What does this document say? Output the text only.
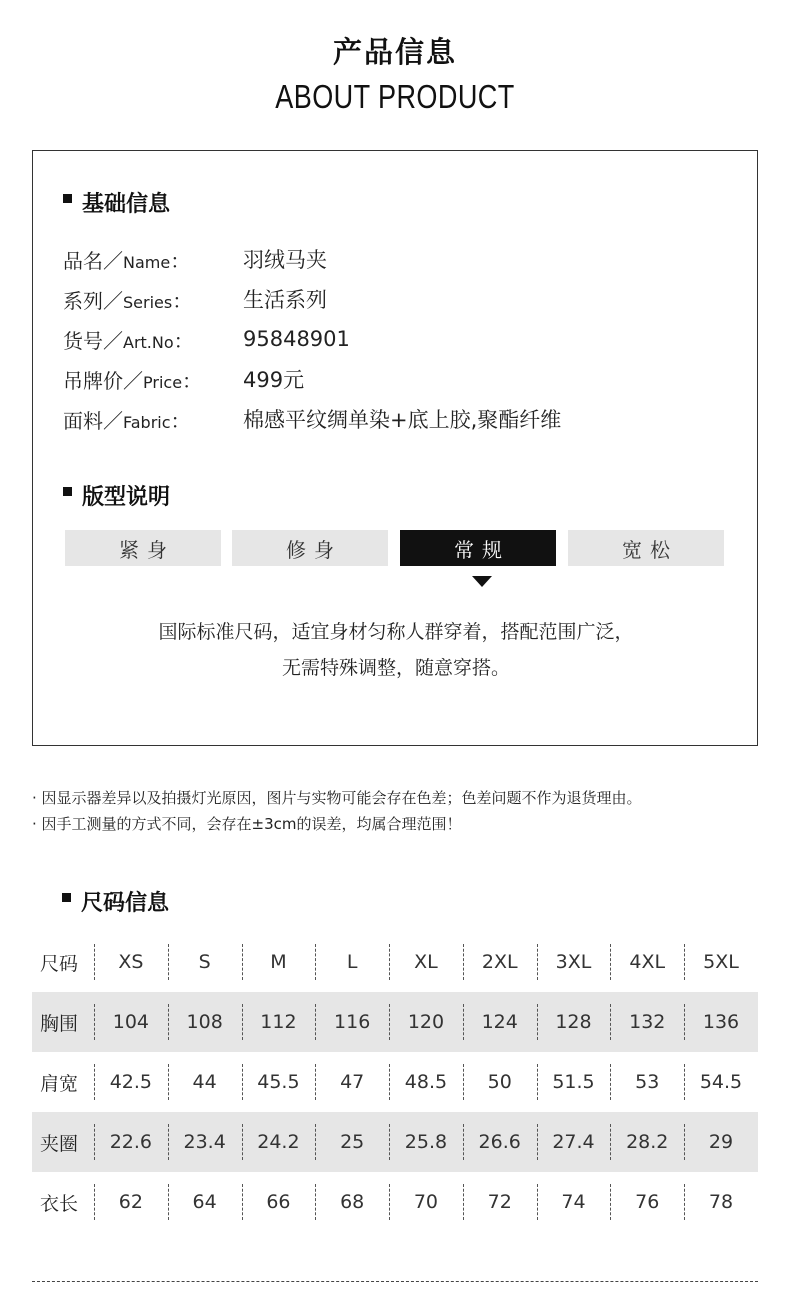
产品信息
ABOUT PRODUCT
基础信息
品名／Name：	羽绒马夹
系列／Series：	生活系列
货号／Art.No：	95848901
吊牌价／Price：	499元
面料／Fabric：	棉感平纹绸单染+底上胶,聚酯纤维
版型说明
紧身	修身	常规	宽松
国际标准尺码，适宜身材匀称人群穿着，搭配范围广泛，
无需特殊调整，随意穿搭。
· 因显示器差异以及拍摄灯光原因，图片与实物可能会存在色差；色差问题不作为退货理由。
· 因手工测量的方式不同，会存在±3cm的误差，均属合理范围！
尺码信息
尺码	XS	S	M	L	XL	2XL	3XL	4XL	5XL
胸围	104	108	112	116	120	124	128	132	136
肩宽	42.5	44	45.5	47	48.5	50	51.5	53	54.5
夹圈	22.6	23.4	24.2	25	25.8	26.6	27.4	28.2	29
衣长	62	64	66	68	70	72	74	76	78
